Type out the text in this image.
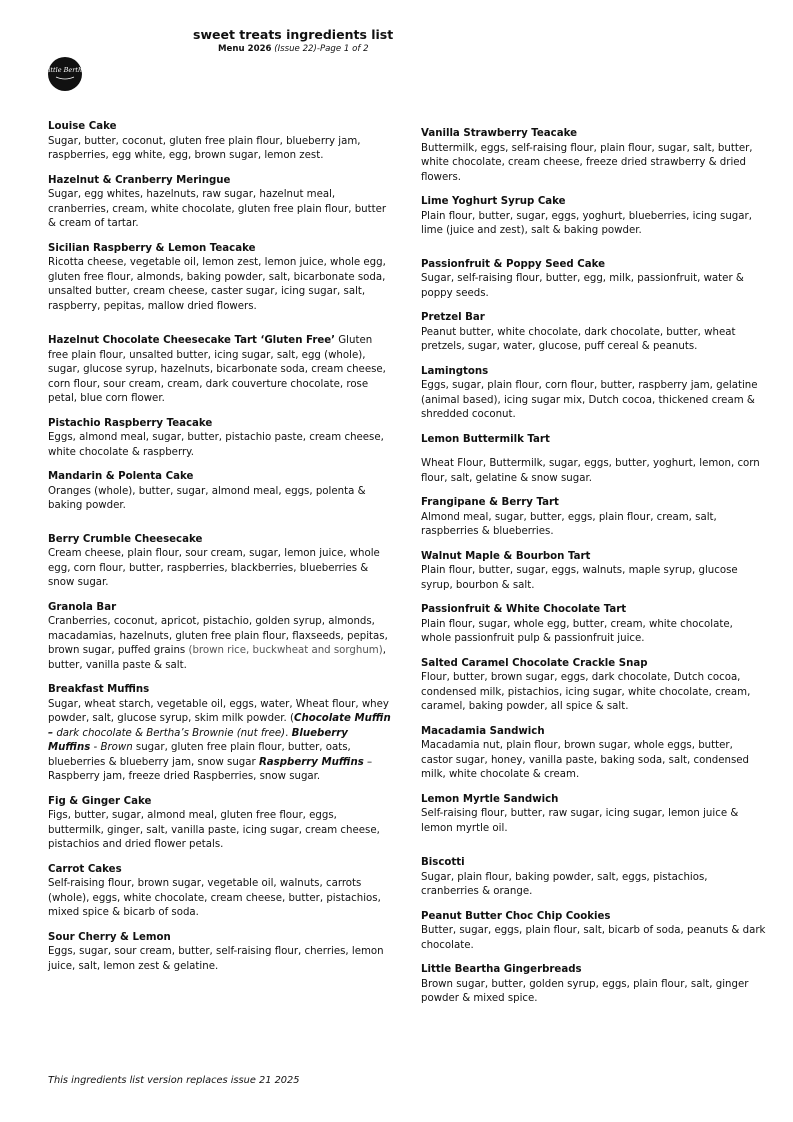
sweet treats ingredients list
Menu 2026 (Issue 22)-Page 1 of 2
Little Bertha
Louise Cake
Sugar, butter, coconut, gluten free plain flour, blueberry jam, raspberries, egg white, egg, brown sugar, lemon zest.
Hazelnut & Cranberry Meringue
Sugar, egg whites, hazelnuts, raw sugar, hazelnut meal, cranberries, cream, white chocolate, gluten free plain flour, butter & cream of tartar.
Sicilian Raspberry & Lemon Teacake
Ricotta cheese, vegetable oil, lemon zest, lemon juice, whole egg, gluten free flour, almonds, baking powder, salt, bicarbonate soda, unsalted butter, cream cheese, caster sugar, icing sugar, salt, raspberry, pepitas, mallow dried flowers.
Hazelnut Chocolate Cheesecake Tart ‘Gluten Free’ Gluten free plain flour, unsalted butter, icing sugar, salt, egg (whole), sugar, glucose syrup, hazelnuts, bicarbonate soda, cream cheese, corn flour, sour cream, cream, dark couverture chocolate, rose petal, blue corn flower.
Pistachio Raspberry Teacake
Eggs, almond meal, sugar, butter, pistachio paste, cream cheese, white chocolate & raspberry.
Mandarin & Polenta Cake
Oranges (whole), butter, sugar, almond meal, eggs, polenta & baking powder.
Berry Crumble Cheesecake
Cream cheese, plain flour, sour cream, sugar, lemon juice, whole egg, corn flour, butter, raspberries, blackberries, blueberries & snow sugar.
Granola Bar
Cranberries, coconut, apricot, pistachio, golden syrup, almonds, macadamias, hazelnuts, gluten free plain flour, flaxseeds, pepitas, brown sugar, puffed grains (brown rice, buckwheat and sorghum), butter, vanilla paste & salt.
Breakfast Muffins
Sugar, wheat starch, vegetable oil, eggs, water, Wheat flour, whey powder, salt, glucose syrup, skim milk powder. (Chocolate Muffin – dark chocolate & Bertha’s Brownie (nut free). Blueberry Muffins - Brown sugar, gluten free plain flour, butter, oats, blueberries & blueberry jam, snow sugar Raspberry Muffins – Raspberry jam, freeze dried Raspberries, snow sugar.
Fig & Ginger Cake
Figs, butter, sugar, almond meal, gluten free flour, eggs, buttermilk, ginger, salt, vanilla paste, icing sugar, cream cheese, pistachios and dried flower petals.
Carrot Cakes
Self-raising flour, brown sugar, vegetable oil, walnuts, carrots (whole), eggs, white chocolate, cream cheese, butter, pistachios, mixed spice & bicarb of soda.
Sour Cherry & Lemon
Eggs, sugar, sour cream, butter, self-raising flour, cherries, lemon juice, salt, lemon zest & gelatine.
Vanilla Strawberry Teacake
Buttermilk, eggs, self-raising flour, plain flour, sugar, salt, butter, white chocolate, cream cheese, freeze dried strawberry & dried flowers.
Lime Yoghurt Syrup Cake
Plain flour, butter, sugar, eggs, yoghurt, blueberries, icing sugar, lime (juice and zest), salt & baking powder.
Passionfruit & Poppy Seed Cake
Sugar, self-raising flour, butter, egg, milk, passionfruit, water & poppy seeds.
Pretzel Bar
Peanut butter, white chocolate, dark chocolate, butter, wheat pretzels, sugar, water, glucose, puff cereal & peanuts.
Lamingtons
Eggs, sugar, plain flour, corn flour, butter, raspberry jam, gelatine (animal based), icing sugar mix, Dutch cocoa, thickened cream & shredded coconut.
Lemon Buttermilk Tart
Wheat Flour, Buttermilk, sugar, eggs, butter, yoghurt, lemon, corn flour, salt, gelatine & snow sugar.
Frangipane & Berry Tart
Almond meal, sugar, butter, eggs, plain flour, cream, salt, raspberries & blueberries.
Walnut Maple & Bourbon Tart
Plain flour, butter, sugar, eggs, walnuts, maple syrup, glucose syrup, bourbon & salt.
Passionfruit & White Chocolate Tart
Plain flour, sugar, whole egg, butter, cream, white chocolate, whole passionfruit pulp & passionfruit juice.
Salted Caramel Chocolate Crackle Snap
Flour, butter, brown sugar, eggs, dark chocolate, Dutch cocoa, condensed milk, pistachios, icing sugar, white chocolate, cream, caramel, baking powder, all spice & salt.
Macadamia Sandwich
Macadamia nut, plain flour, brown sugar, whole eggs, butter, castor sugar, honey, vanilla paste, baking soda, salt, condensed milk, white chocolate & cream.
Lemon Myrtle Sandwich
Self-raising flour, butter, raw sugar, icing sugar, lemon juice & lemon myrtle oil.
Biscotti
Sugar, plain flour, baking powder, salt, eggs, pistachios, cranberries & orange.
Peanut Butter Choc Chip Cookies
Butter, sugar, eggs, plain flour, salt, bicarb of soda, peanuts & dark chocolate.
Little Beartha Gingerbreads
Brown sugar, butter, golden syrup, eggs, plain flour, salt, ginger powder & mixed spice.
This ingredients list version replaces issue 21 2025
